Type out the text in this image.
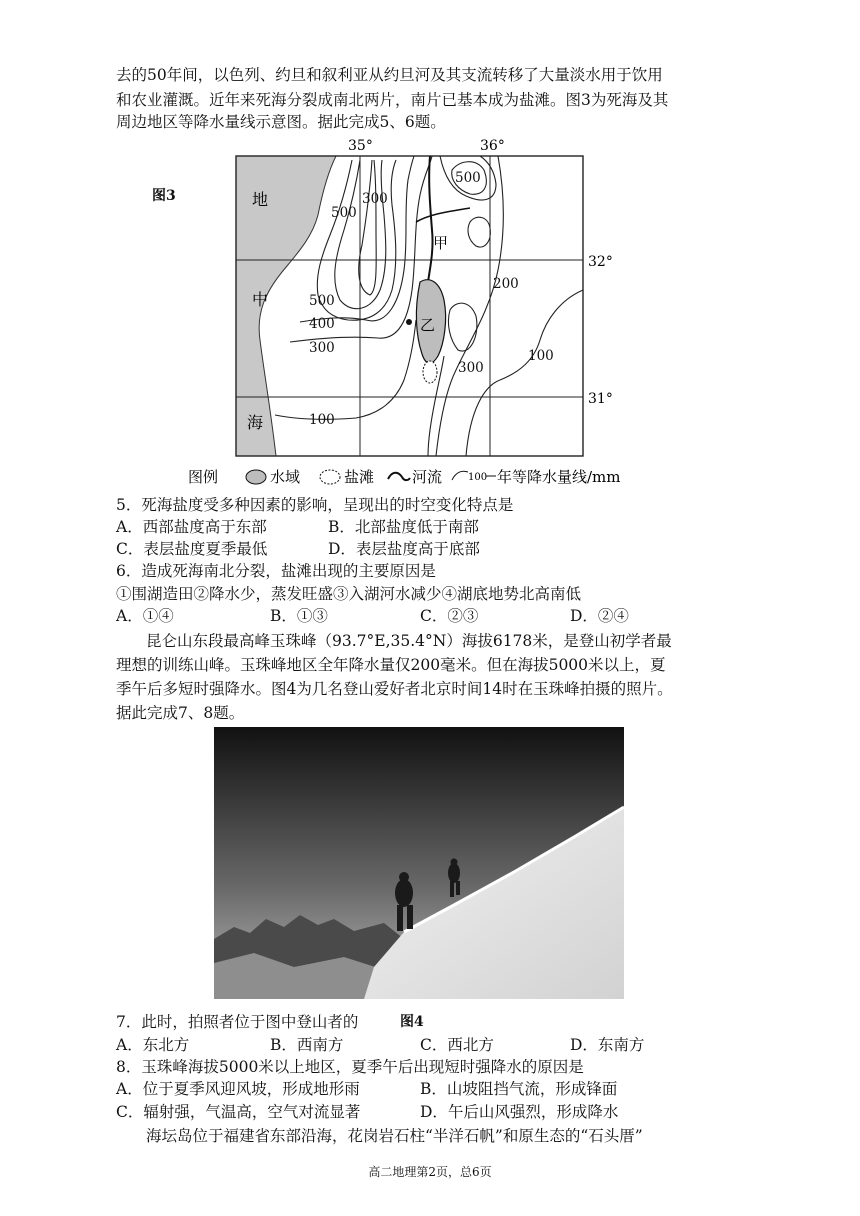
去的50年间，以色列、约旦和叙利亚从约旦河及其支流转移了大量淡水用于饮用
和农业灌溉。近年来死海分裂成南北两片，南片已基本成为盐滩。图3为死海及其
周边地区等降水量线示意图。据此完成5、6题。
图3	地
中
海
35°	36°
32°
31°
300
500
500
500
400
300
100
200
300
100
甲
乙
图例	水域	盐滩	河流	100 年等降水量线/mm
5．死海盐度受多种因素的影响，呈现出的时空变化特点是
A．西部盐度高于东部	B．北部盐度低于南部
C．表层盐度夏季最低	D．表层盐度高于底部
6．造成死海南北分裂，盐滩出现的主要原因是
①围湖造田②降水少，蒸发旺盛③入湖河水减少④湖底地势北高南低
A．①④	B．①③	C．②③	D．②④
昆仑山东段最高峰玉珠峰（93.7°E,35.4°N）海拔6178米，是登山初学者最
理想的训练山峰。玉珠峰地区全年降水量仅200毫米。但在海拔5000米以上，夏
季午后多短时强降水。图4为几名登山爱好者北京时间14时在玉珠峰拍摄的照片。
据此完成7、8题。
7．此时，拍照者位于图中登山者的	图4
A．东北方	B．西南方	C．西北方	D．东南方
8．玉珠峰海拔5000米以上地区，夏季午后出现短时强降水的原因是
A．位于夏季风迎风坡，形成地形雨	B．山坡阻挡气流，形成锋面
C．辐射强，气温高，空气对流显著	D．午后山风强烈，形成降水
海坛岛位于福建省东部沿海，花岗岩石柱“半洋石帆”和原生态的“石头厝”
高二地理第2页，总6页
